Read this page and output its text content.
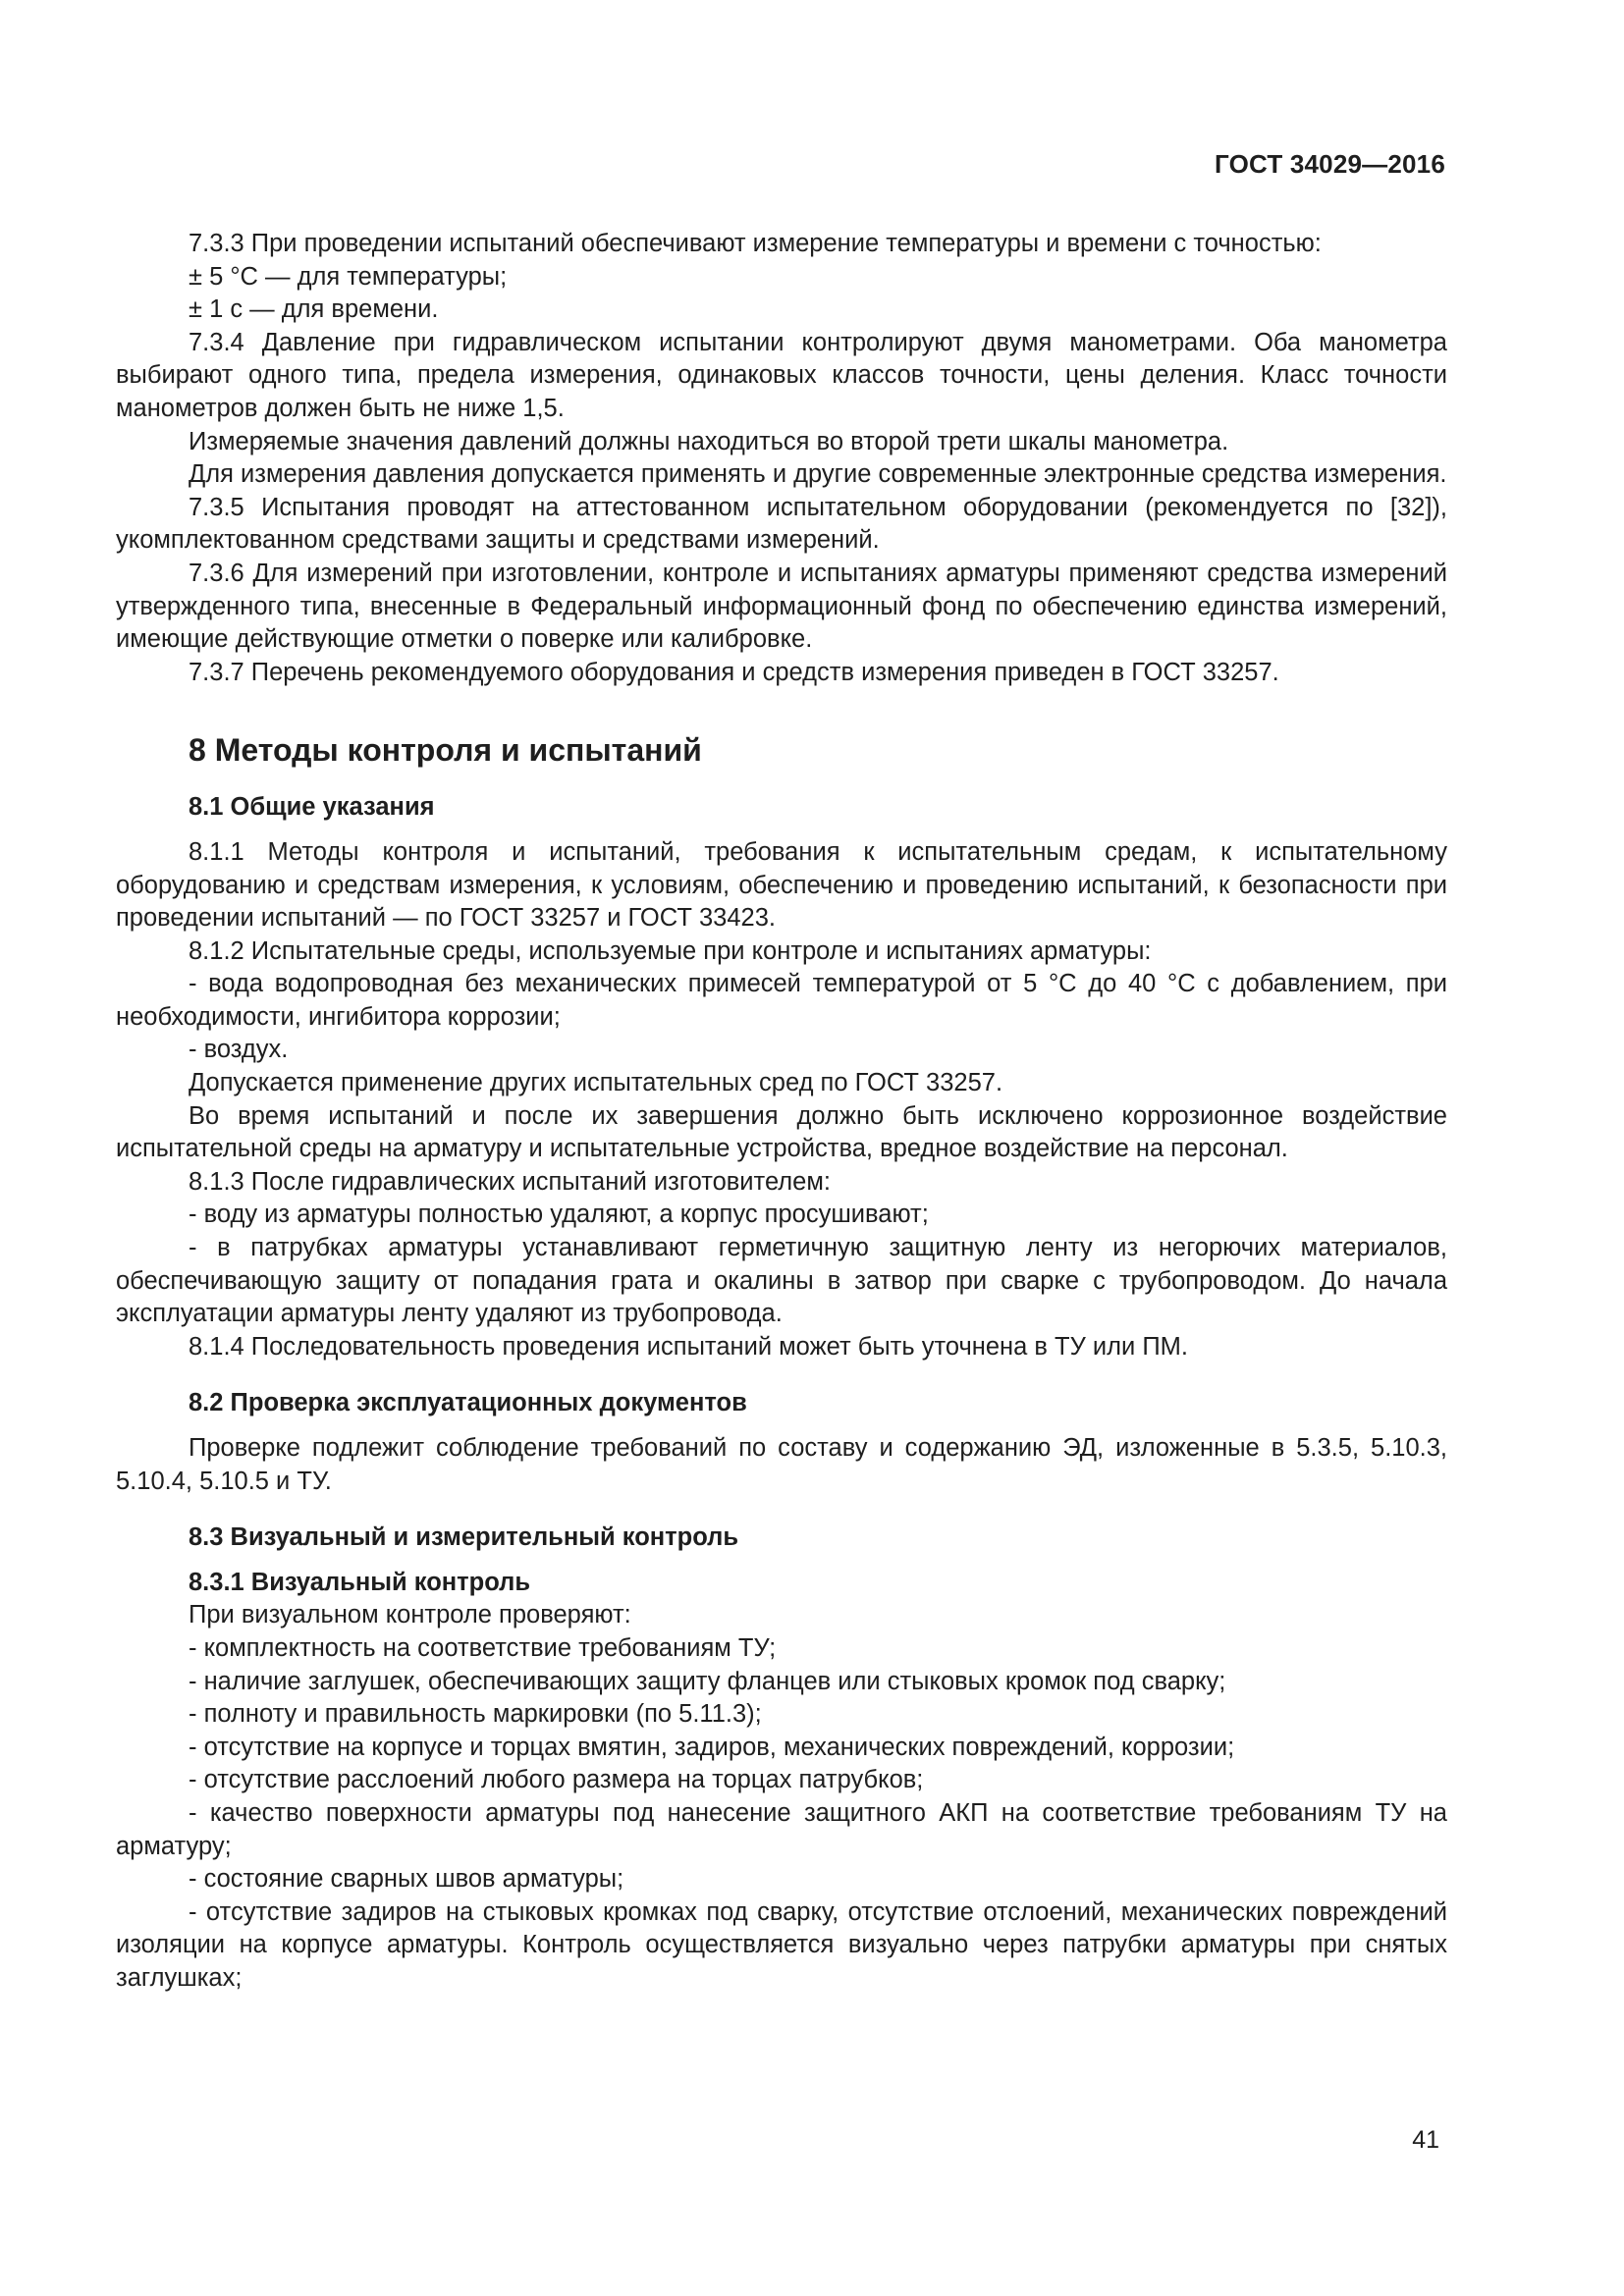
ГОСТ 34029—2016

7.3.3 При проведении испытаний обеспечивают измерение температуры и времени с точностью:

± 5 °С — для температуры;

± 1 с — для времени.

7.3.4 Давление при гидравлическом испытании контролируют двумя манометрами. Оба манометра выбирают одного типа, предела измерения, одинаковых классов точности, цены деления. Класс точности манометров должен быть не ниже 1,5.

Измеряемые значения давлений должны находиться во второй трети шкалы манометра.

Для измерения давления допускается применять и другие современные электронные средства измерения.

7.3.5 Испытания проводят на аттестованном испытательном оборудовании (рекомендуется по [32]), укомплектованном средствами защиты и средствами измерений.

7.3.6 Для измерений при изготовлении, контроле и испытаниях арматуры применяют средства измерений утвержденного типа, внесенные в Федеральный информационный фонд по обеспечению единства измерений, имеющие действующие отметки о поверке или калибровке.

7.3.7 Перечень рекомендуемого оборудования и средств измерения приведен в ГОСТ 33257.

8 Методы контроля и испытаний
8.1 Общие указания

8.1.1 Методы контроля и испытаний, требования к испытательным средам, к испытательному оборудованию и средствам измерения, к условиям, обеспечению и проведению испытаний, к безопасности при проведении испытаний — по ГОСТ 33257 и ГОСТ 33423.

8.1.2 Испытательные среды, используемые при контроле и испытаниях арматуры:

- вода водопроводная без механических примесей температурой от 5 °С до 40 °С с добавлением, при необходимости, ингибитора коррозии;

- воздух.

Допускается применение других испытательных сред по ГОСТ 33257.

Во время испытаний и после их завершения должно быть исключено коррозионное воздействие испытательной среды на арматуру и испытательные устройства, вредное воздействие на персонал.

8.1.3 После гидравлических испытаний изготовителем:

- воду из арматуры полностью удаляют, а корпус просушивают;

- в патрубках арматуры устанавливают герметичную защитную ленту из негорючих материалов, обеспечивающую защиту от попадания грата и окалины в затвор при сварке с трубопроводом. До начала эксплуатации арматуры ленту удаляют из трубопровода.

8.1.4 Последовательность проведения испытаний может быть уточнена в ТУ или ПМ.

8.2 Проверка эксплуатационных документов

Проверке подлежит соблюдение требований по составу и содержанию ЭД, изложенные в 5.3.5, 5.10.3, 5.10.4, 5.10.5 и ТУ.

8.3 Визуальный и измерительный контроль
8.3.1 Визуальный контроль

При визуальном контроле проверяют:

- комплектность на соответствие требованиям ТУ;

- наличие заглушек, обеспечивающих защиту фланцев или стыковых кромок под сварку;

- полноту и правильность маркировки (по 5.11.3);

- отсутствие на корпусе и торцах вмятин, задиров, механических повреждений, коррозии;

- отсутствие расслоений любого размера на торцах патрубков;

- качество поверхности арматуры под нанесение защитного АКП на соответствие требованиям ТУ на арматуру;

- состояние сварных швов арматуры;

- отсутствие задиров на стыковых кромках под сварку, отсутствие отслоений, механических повреждений изоляции на корпусе арматуры. Контроль осуществляется визуально через патрубки арматуры при снятых заглушках;

41
